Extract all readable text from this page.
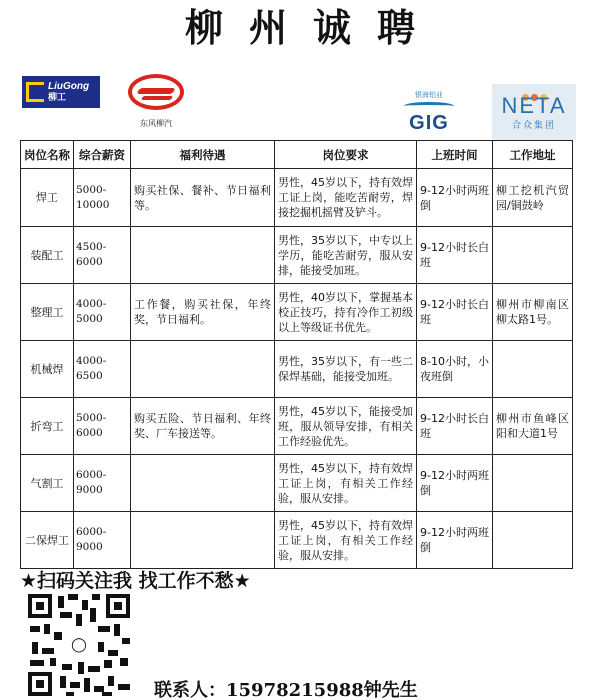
柳州诚聘
LiuGong
柳工
东风柳汽
银海铝业
GIG
NETA
合众集团
岗位名称	综合薪资	福利待遇	岗位要求	上班时间	工作地址
焊工	5000-10000	购买社保、餐补、节日福利等。	男性，45岁以下，持有效焊工证上岗，能吃苦耐劳，焊接挖掘机摇臂及铲斗。	9-12小时两班倒	柳工挖机汽贸园/铜鼓岭
装配工	4500-6000		男性，35岁以下，中专以上学历，能吃苦耐劳，服从安排，能接受加班。	9-12小时长白班	
整理工	4000-5000	工作餐，购买社保，年终奖，节日福利。	男性，40岁以下，掌握基本校正技巧，持有冷作工初级以上等级证书优先。	9-12小时长白班	柳州市柳南区柳太路1号。
机械焊	4000-6500		男性，35岁以下，有一些二保焊基础，能接受加班。	8-10小时，小夜班倒	
折弯工	5000-6000	购买五险、节日福利、年终奖、厂车接送等。	男性，45岁以下，能接受加班，服从领导安排，有相关工作经验优先。	9-12小时长白班	柳州市鱼峰区阳和大道1号
气割工	6000-9000		男性，45岁以下，持有效焊工证上岗，有相关工作经验，服从安排。	9-12小时两班倒	
二保焊工	6000-9000		男性，45岁以下，持有效焊工证上岗，有相关工作经验，服从安排。	9-12小时两班倒	
★扫码关注我 找工作不愁★
◯
联系人：15978215988钟先生
